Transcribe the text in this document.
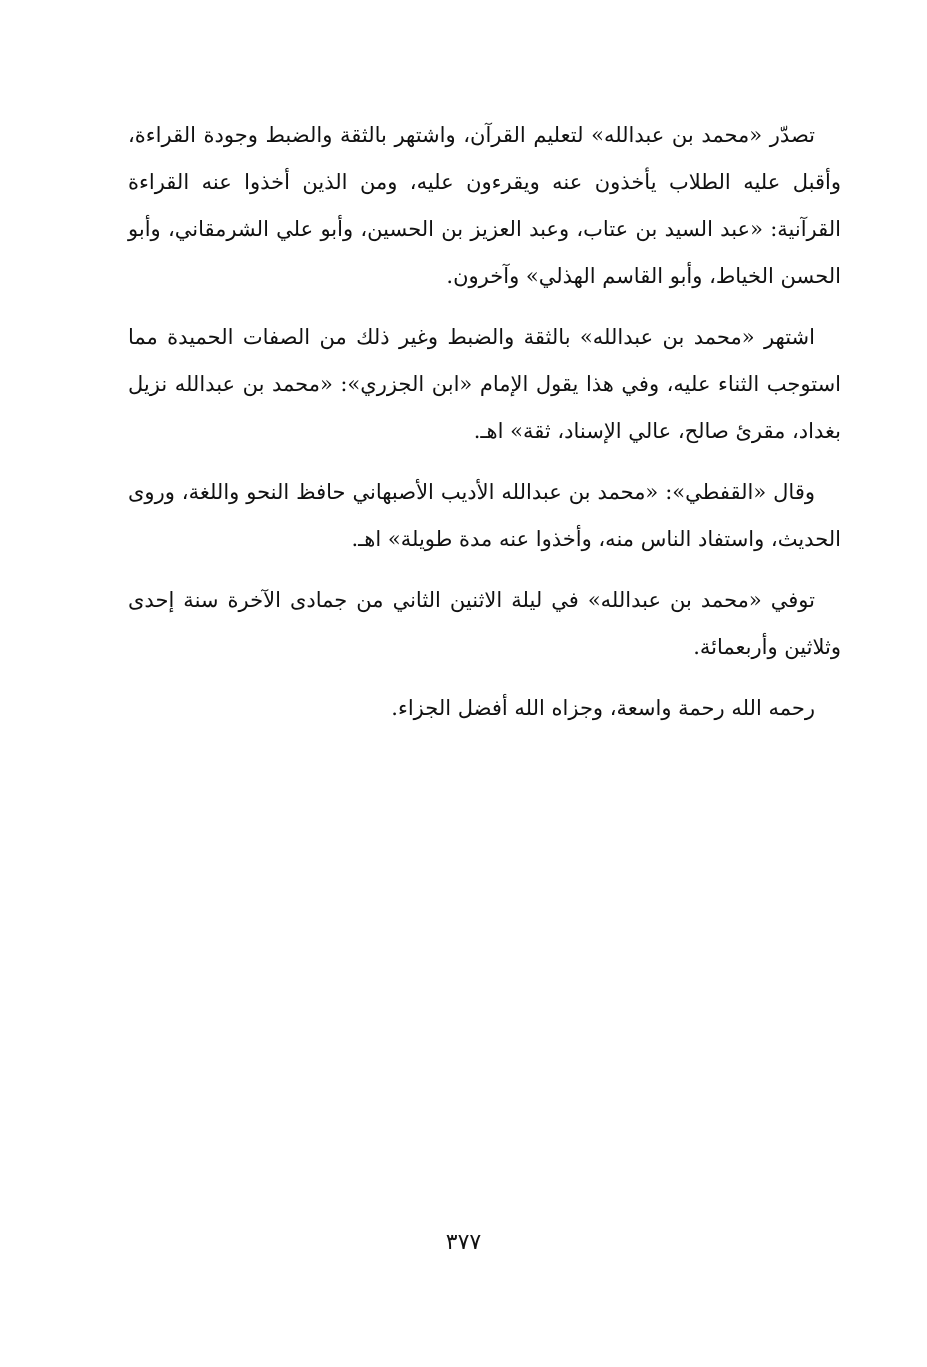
تصدّر «محمد بن عبدالله» لتعليم القرآن، واشتهر بالثقة والضبط وجودة القراءة، وأقبل عليه الطلاب يأخذون عنه ويقرءون عليه، ومن الذين أخذوا عنه القراءة القرآنية: «عبد السيد بن عتاب، وعبد العزيز بن الحسين، وأبو علي الشرمقاني، وأبو الحسن الخياط، وأبو القاسم الهذلي» وآخرون.

اشتهر «محمد بن عبدالله» بالثقة والضبط وغير ذلك من الصفات الحميدة مما استوجب الثناء عليه، وفي هذا يقول الإمام «ابن الجزري»: «محمد بن عبدالله نزيل بغداد، مقرئ صالح، عالي الإسناد، ثقة» اهـ.

وقال «القفطي»: «محمد بن عبدالله الأديب الأصبهاني حافظ النحو واللغة، وروى الحديث، واستفاد الناس منه، وأخذوا عنه مدة طويلة» اهـ.

توفي «محمد بن عبدالله» في ليلة الاثنين الثاني من جمادى الآخرة سنة إحدى وثلاثين وأربعمائة.

رحمه الله رحمة واسعة، وجزاه الله أفضل الجزاء.

٣٧٧
